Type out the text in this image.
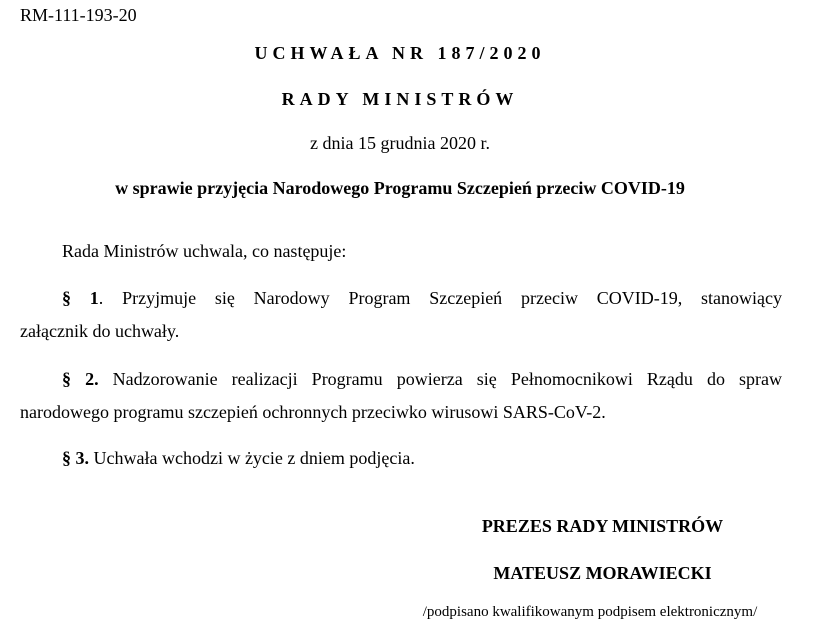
RM-111-193-20
UCHWAŁA NR 187/2020
RADY MINISTRÓW
z dnia 15 grudnia 2020 r.
w sprawie przyjęcia Narodowego Programu Szczepień przeciw COVID-19
Rada Ministrów uchwala, co następuje:
§ 1. Przyjmuje się Narodowy Program Szczepień przeciw COVID-19, stanowiący
załącznik do uchwały.
§ 2. Nadzorowanie realizacji Programu powierza się Pełnomocnikowi Rządu do spraw
narodowego programu szczepień ochronnych przeciwko wirusowi SARS-CoV-2.
§ 3. Uchwała wchodzi w życie z dniem podjęcia.
PREZES RADY MINISTRÓW
MATEUSZ MORAWIECKI
/podpisano kwalifikowanym podpisem elektronicznym/
